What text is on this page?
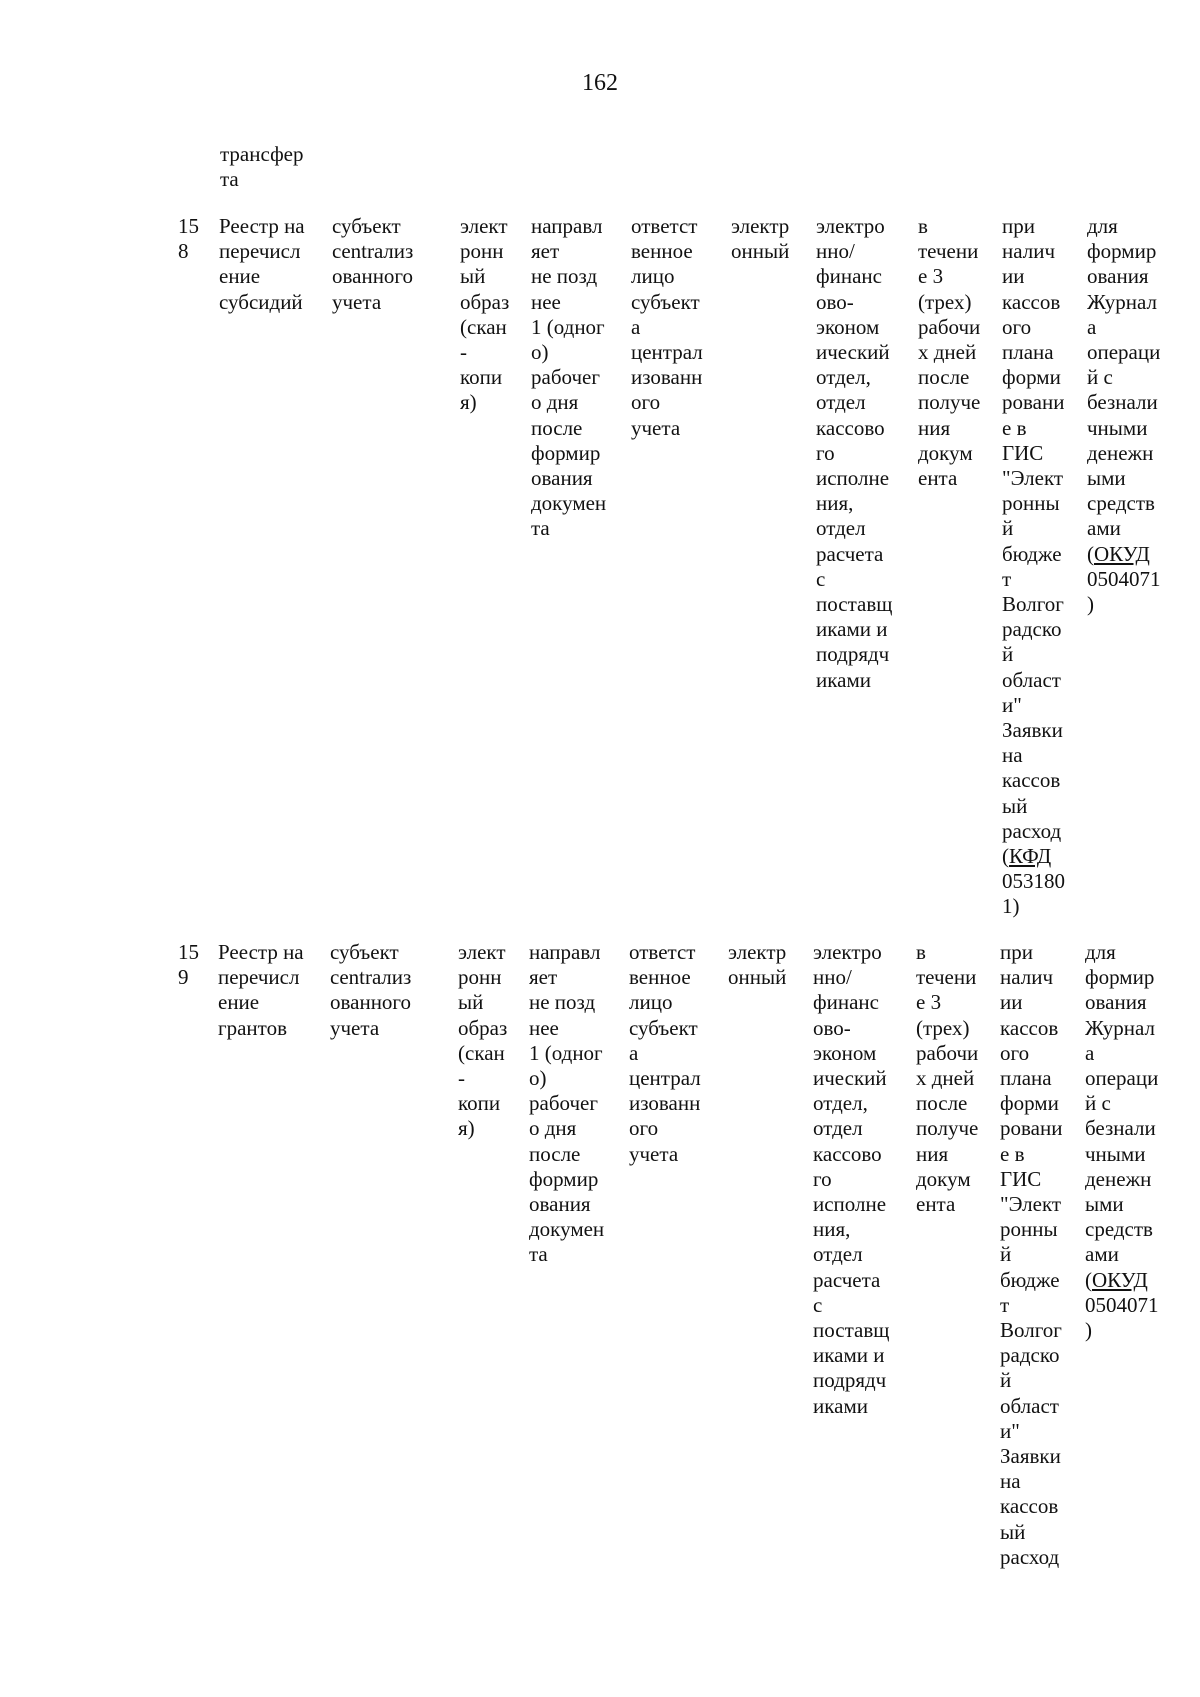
162
трансфер
та
15
8
Реестр на
перечисл
ение
субсидий
субъект
centraлиз
ованного
учета
элект
ронн
ый
образ
(скан
-
копи
я)
направл
яет
не позд
нее
1 (одног
о)
рабочег
о дня
после
формир
ования
докумен
та
ответст
венное
лицо
субъект
а
централ
изованн
ого
учета
электр
онный
электро
нно/
финанс
ово-
эконом
ический
отдел,
отдел
кассово
го
исполне
ния,
отдел
расчета
с
поставщ
иками и
подрядч
иками
в
течени
е 3
(трех)
рабочи
х дней
после
получе
ния
докум
ента
при
налич
ии
кассов
ого
плана
форми
ровани
е в
ГИС
"Элект
ронны
й
бюдже
т
Волгог
радско
й
област
и"
Заявки
на
кассов
ый
расход
(КФД
053180
1)
для
формир
ования
Журнал
а
операци
й с
безнали
чными
денежн
ыми
средств
ами
(ОКУД
0504071
)
15
9
Реестр на
перечисл
ение
грантов
субъект
centraлиз
ованного
учета
элект
ронн
ый
образ
(скан
-
копи
я)
направл
яет
не позд
нее
1 (одног
о)
рабочег
о дня
после
формир
ования
докумен
та
ответст
венное
лицо
субъект
а
централ
изованн
ого
учета
электр
онный
электро
нно/
финанс
ово-
эконом
ический
отдел,
отдел
кассово
го
исполне
ния,
отдел
расчета
с
поставщ
иками и
подрядч
иками
в
течени
е 3
(трех)
рабочи
х дней
после
получе
ния
докум
ента
при
налич
ии
кассов
ого
плана
форми
ровани
е в
ГИС
"Элект
ронны
й
бюдже
т
Волгог
радско
й
област
и"
Заявки
на
кассов
ый
расход
для
формир
ования
Журнал
а
операци
й с
безнали
чными
денежн
ыми
средств
ами
(ОКУД
0504071
)
